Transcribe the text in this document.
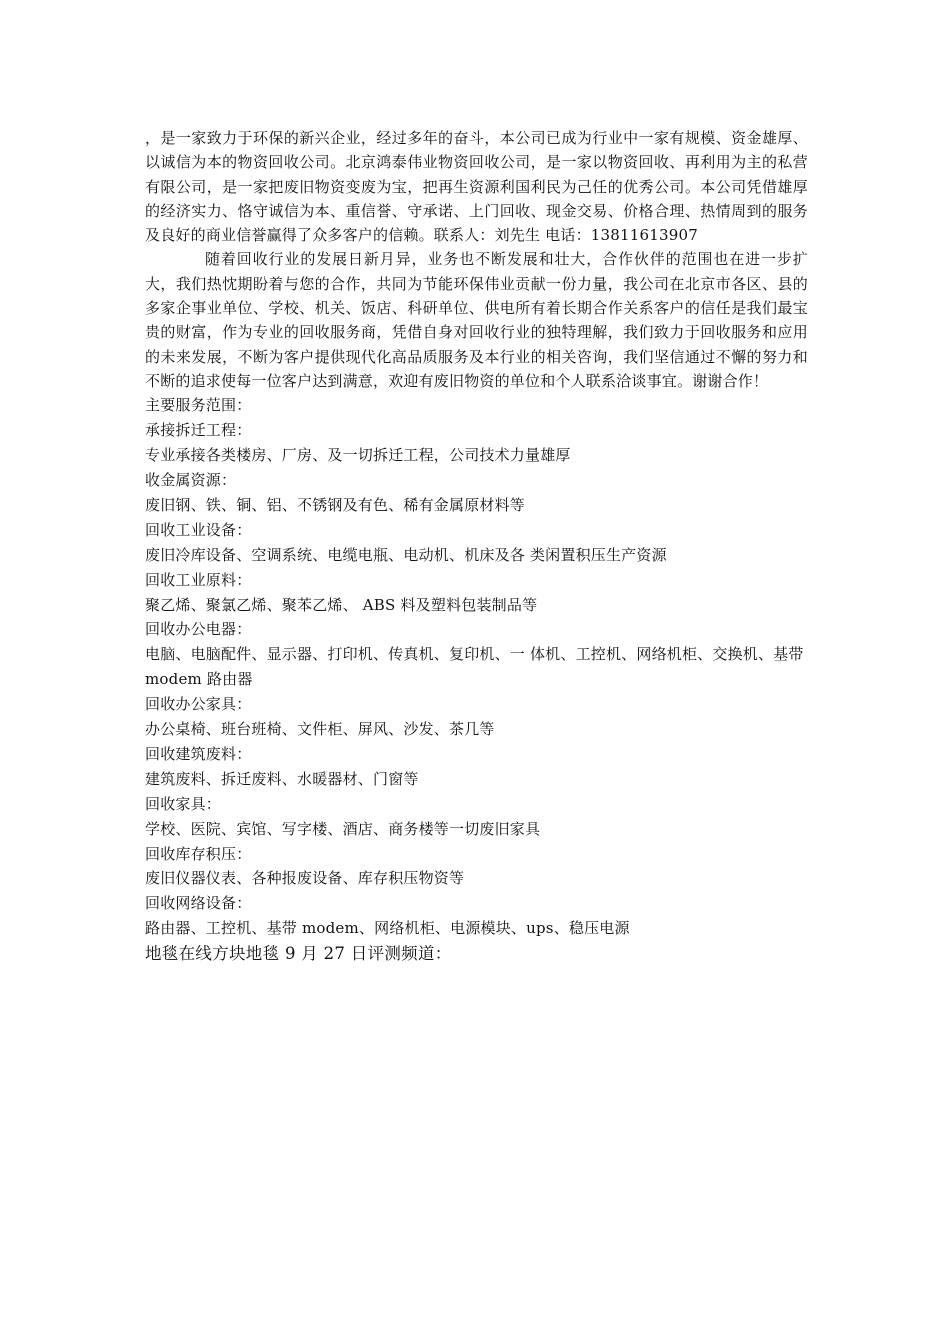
，是一家致力于环保的新兴企业，经过多年的奋斗，本公司已成为行业中一家有规模、资金雄厚、以诚信为本的物资回收公司。北京鸿泰伟业物资回收公司，是一家以物资回收、再利用为主的私营有限公司，是一家把废旧物资变废为宝，把再生资源利国利民为己任的优秀公司。本公司凭借雄厚的经济实力、恪守诚信为本、重信誉、守承诺、上门回收、现金交易、价格合理、热情周到的服务及良好的商业信誉赢得了众多客户的信赖。联系人：刘先生 电话：13811613907

随着回收行业的发展日新月异，业务也不断发展和壮大，合作伙伴的范围也在进一步扩大，我们热忱期盼着与您的合作，共同为节能环保伟业贡献一份力量，我公司在北京市各区、县的多家企事业单位、学校、机关、饭店、科研单位、供电所有着长期合作关系客户的信任是我们最宝贵的财富，作为专业的回收服务商，凭借自身对回收行业的独特理解，我们致力于回收服务和应用的未来发展，不断为客户提供现代化高品质服务及本行业的相关咨询，我们坚信通过不懈的努力和不断的追求使每一位客户达到满意，欢迎有废旧物资的单位和个人联系洽谈事宜。谢谢合作！

主要服务范围：

承接拆迁工程：

专业承接各类楼房、厂房、及一切拆迁工程，公司技术力量雄厚

收金属资源：

废旧钢、铁、铜、铝、不锈钢及有色、稀有金属原材料等

回收工业设备：

废旧冷库设备、空调系统、电缆电瓶、电动机、机床及各 类闲置积压生产资源

回收工业原料：

聚乙烯、聚氯乙烯、聚苯乙烯、 ABS 料及塑料包装制品等

回收办公电器：

电脑、电脑配件、显示器、打印机、传真机、复印机、一 体机、工控机、网络机柜、交换机、基带 modem 路由器

回收办公家具：

办公桌椅、班台班椅、文件柜、屏风、沙发、茶几等

回收建筑废料：

建筑废料、拆迁废料、水暖器材、门窗等

回收家具：

学校、医院、宾馆、写字楼、酒店、商务楼等一切废旧家具

回收库存积压：

废旧仪器仪表、各种报废设备、库存积压物资等

回收网络设备：

路由器、工控机、基带 modem、网络机柜、电源模块、ups、稳压电源

地毯在线方块地毯 9 月 27 日评测频道：
